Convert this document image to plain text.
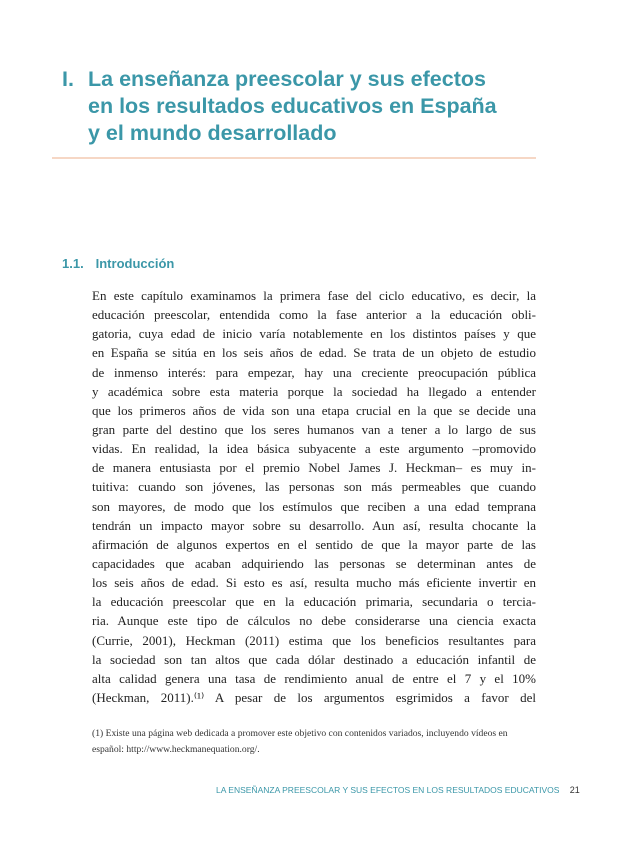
I. La enseñanza preescolar y sus efectos
en los resultados educativos en España
y el mundo desarrollado
1.1. Introducción
En este capítulo examinamos la primera fase del ciclo educativo, es decir, la
educación preescolar, entendida como la fase anterior a la educación obli-
gatoria, cuya edad de inicio varía notablemente en los distintos países y que
en España se sitúa en los seis años de edad. Se trata de un objeto de estudio
de inmenso interés: para empezar, hay una creciente preocupación pública
y académica sobre esta materia porque la sociedad ha llegado a entender
que los primeros años de vida son una etapa crucial en la que se decide una
gran parte del destino que los seres humanos van a tener a lo largo de sus
vidas. En realidad, la idea básica subyacente a este argumento –promovido
de manera entusiasta por el premio Nobel James J. Heckman– es muy in-
tuitiva: cuando son jóvenes, las personas son más permeables que cuando
son mayores, de modo que los estímulos que reciben a una edad temprana
tendrán un impacto mayor sobre su desarrollo. Aun así, resulta chocante la
afirmación de algunos expertos en el sentido de que la mayor parte de las
capacidades que acaban adquiriendo las personas se determinan antes de
los seis años de edad. Si esto es así, resulta mucho más eficiente invertir en
la educación preescolar que en la educación primaria, secundaria o tercia-
ria. Aunque este tipo de cálculos no debe considerarse una ciencia exacta
(Currie, 2001), Heckman (2011) estima que los beneficios resultantes para
la sociedad son tan altos que cada dólar destinado a educación infantil de
alta calidad genera una tasa de rendimiento anual de entre el 7 y el 10%
(Heckman, 2011).⁽¹⁾ A pesar de los argumentos esgrimidos a favor del
(1) Existe una página web dedicada a promover este objetivo con contenidos variados, incluyendo vídeos en
español: http://www.heckmanequation.org/.
LA ENSEÑANZA PREESCOLAR Y SUS EFECTOS EN LOS RESULTADOS EDUCATIVOS 21
